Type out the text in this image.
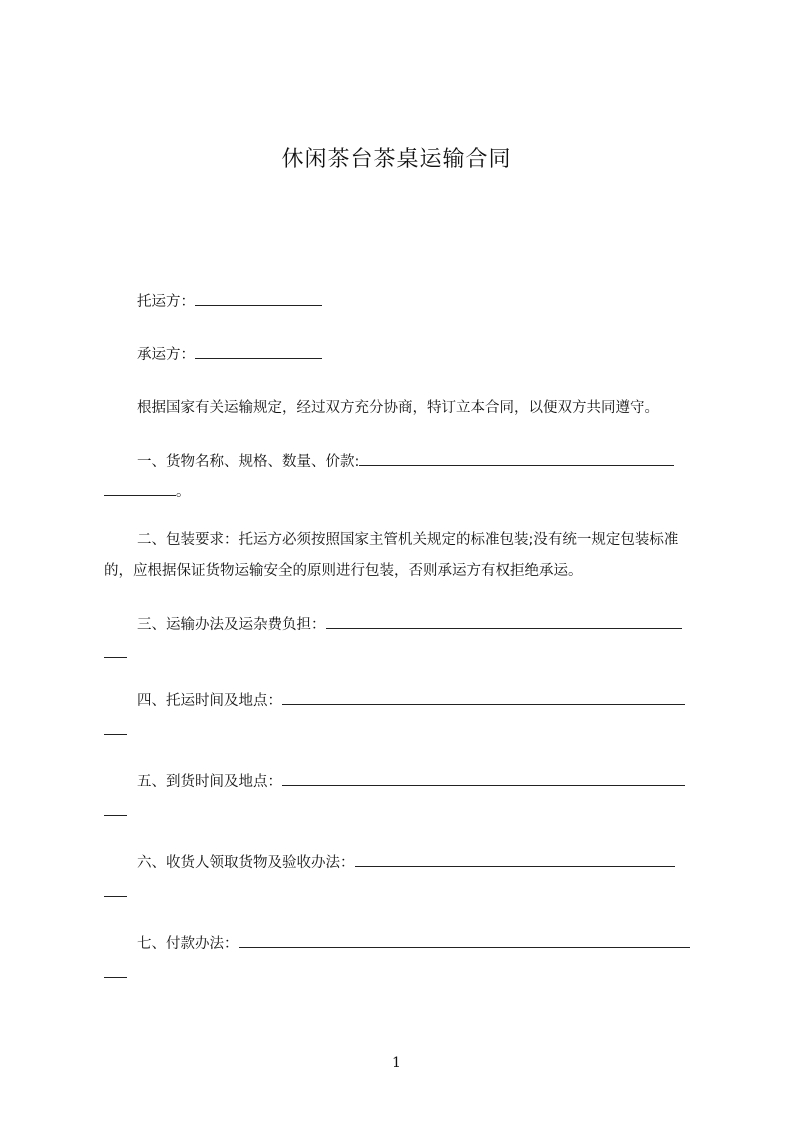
休闲茶台茶桌运输合同
托运方：
承运方：
根据国家有关运输规定，经过双方充分协商，特订立本合同，以便双方共同遵守。
一、货物名称、规格、数量、价款:
。
二、包装要求：托运方必须按照国家主管机关规定的标准包装;没有统一规定包装标准的，应根据保证货物运输安全的原则进行包装，否则承运方有权拒绝承运。
三、运输办法及运杂费负担：
四、托运时间及地点：
五、到货时间及地点：
六、收货人领取货物及验收办法：
七、付款办法：
1
